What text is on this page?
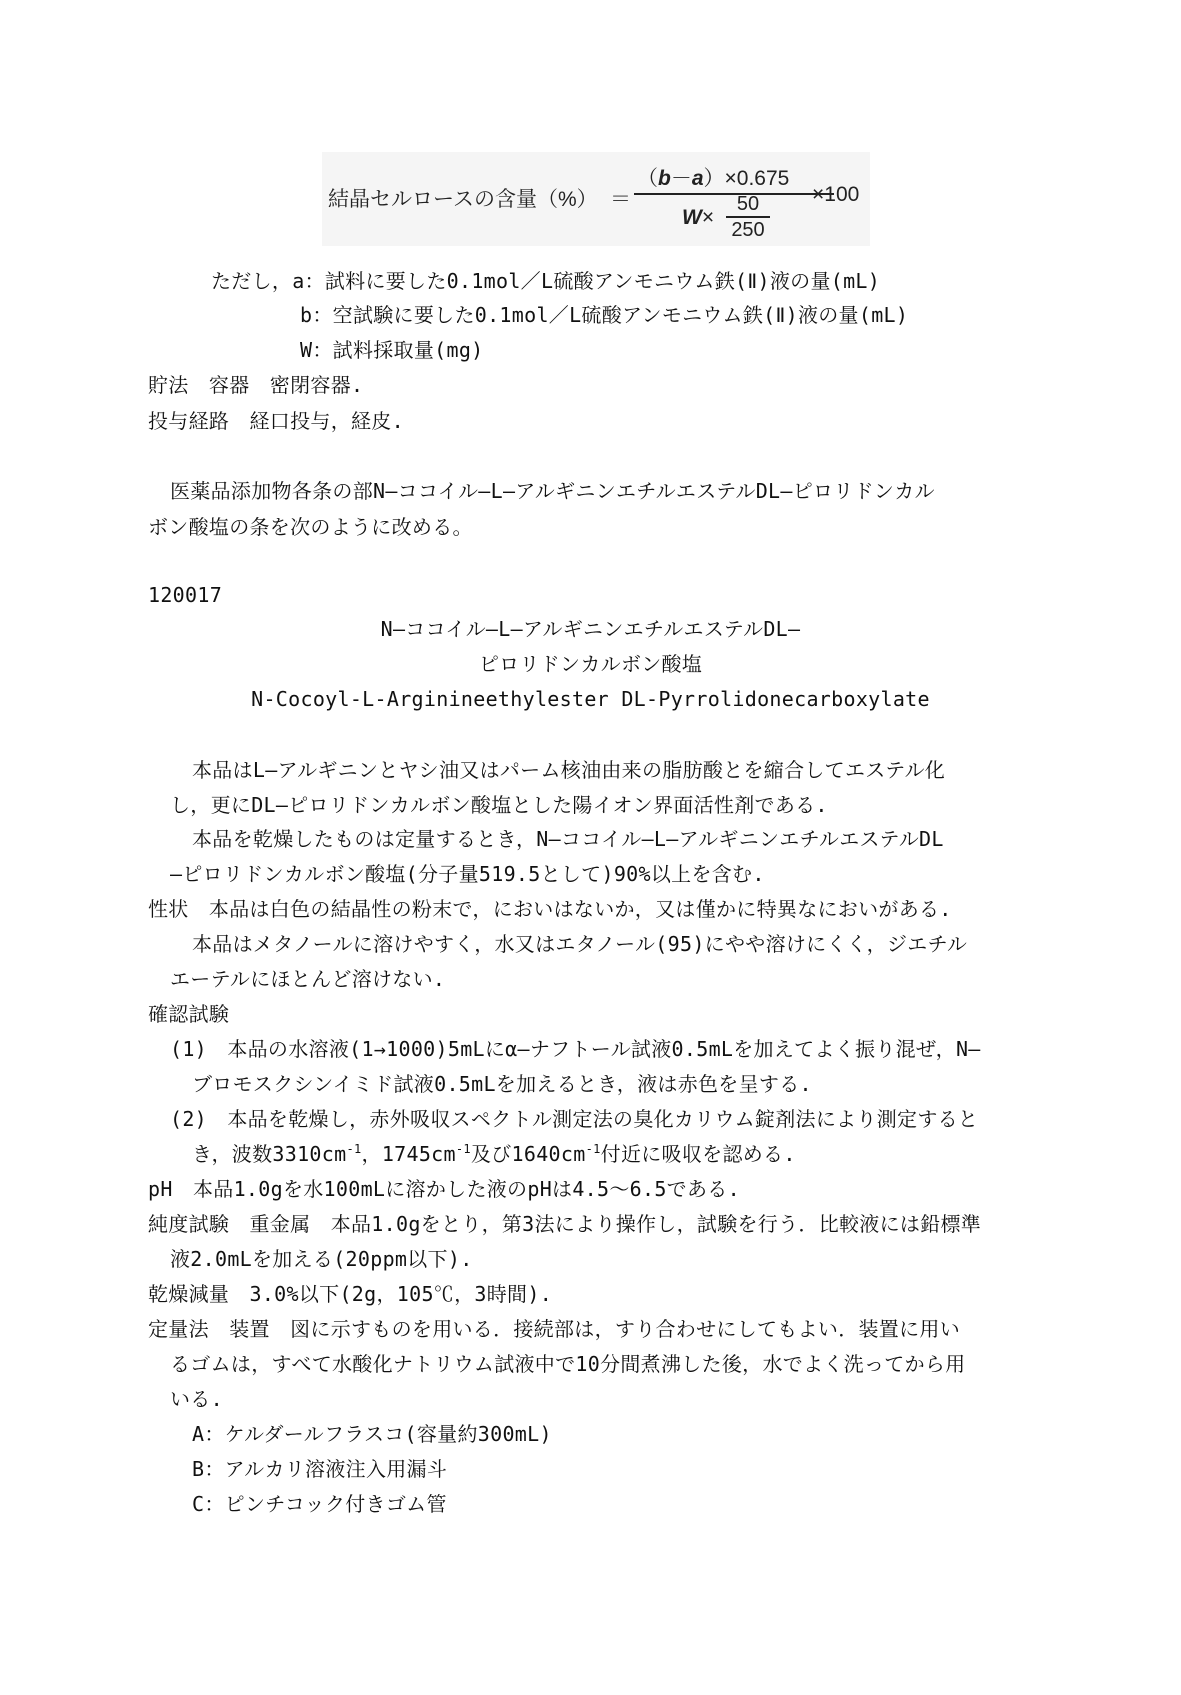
結晶セルロースの含量（%） ＝
（b－a）×0.675
×100
W×
50
250
ただし，a：試料に要した0.1mol／L硫酸アンモニウム鉄(Ⅱ)液の量(mL)
b：空試験に要した0.1mol／L硫酸アンモニウム鉄(Ⅱ)液の量(mL)
W：試料採取量(mg)
貯法　容器　密閉容器.
投与経路　経口投与，経皮.
医薬品添加物各条の部N―ココイル―L―アルギニンエチルエステルDL―ピロリドンカル
ボン酸塩の条を次のように改める。
120017
N―ココイル―L―アルギニンエチルエステルDL―
ピロリドンカルボン酸塩
N-Cocoyl-L-Arginineethylester DL-Pyrrolidonecarboxylate
本品はL―アルギニンとヤシ油又はパーム核油由来の脂肪酸とを縮合してエステル化
し，更にDL―ピロリドンカルボン酸塩とした陽イオン界面活性剤である.
本品を乾燥したものは定量するとき，N―ココイル―L―アルギニンエチルエステルDL
―ピロリドンカルボン酸塩(分子量519.5として)90%以上を含む.
性状　本品は白色の結晶性の粉末で，においはないか，又は僅かに特異なにおいがある.
本品はメタノールに溶けやすく，水又はエタノール(95)にやや溶けにくく，ジエチル
エーテルにほとんど溶けない.
確認試験
(1)　本品の水溶液(1→1000)5mLにα―ナフトール試液0.5mLを加えてよく振り混ぜ，N―
ブロモスクシンイミド試液0.5mLを加えるとき，液は赤色を呈する.
(2)　本品を乾燥し，赤外吸収スペクトル測定法の臭化カリウム錠剤法により測定すると
き，波数$3310cm^{-1}$，$1745cm^{-1}$及び$1640cm^{-1}$付近に吸収を認める.
pH　本品1.0gを水100mLに溶かした液のpHは4.5～6.5である.
純度試験　重金属　本品1.0gをとり，第3法により操作し，試験を行う．比較液には鉛標準
液2.0mLを加える(20ppm以下).
乾燥減量　3.0%以下(2g，105℃，3時間).
定量法　装置　図に示すものを用いる．接続部は，すり合わせにしてもよい．装置に用い
るゴムは，すべて水酸化ナトリウム試液中で10分間煮沸した後，水でよく洗ってから用
いる.
A：ケルダールフラスコ(容量約300mL)
B：アルカリ溶液注入用漏斗
C：ピンチコック付きゴム管
